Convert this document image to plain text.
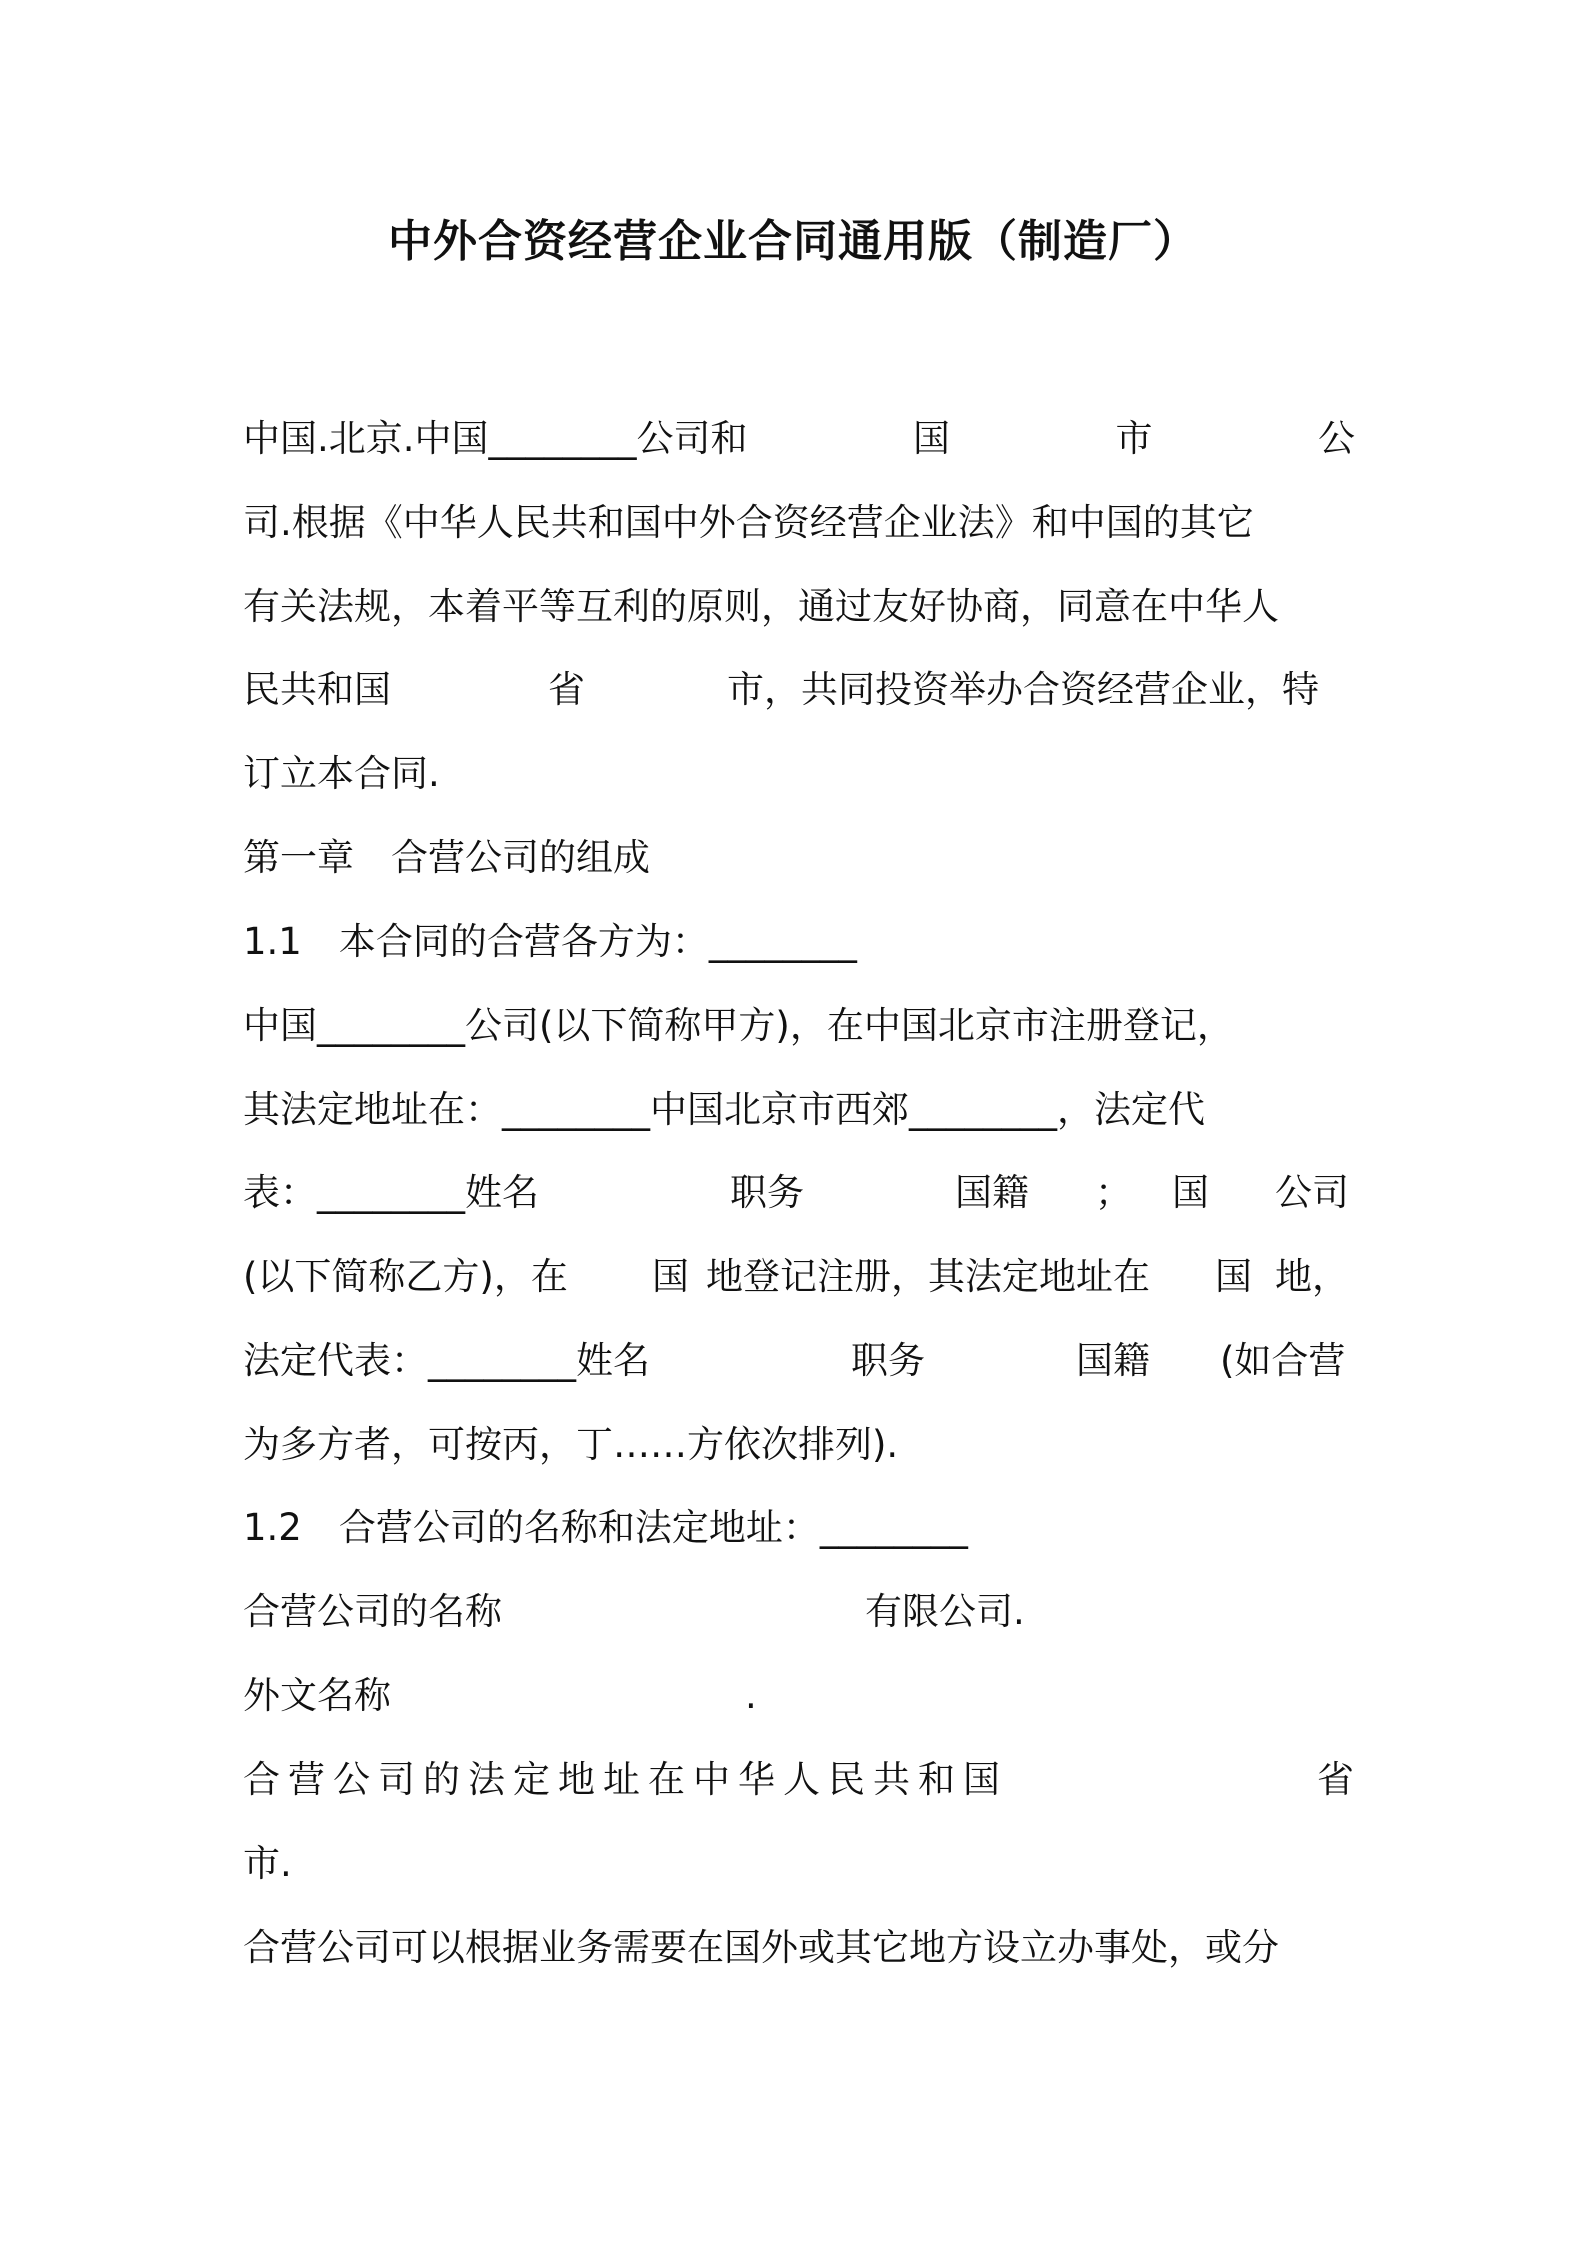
中外合资经营企业合同通用版（制造厂）
中国.北京.中国________公司和	国	市	公
司.根据《中华人民共和国中外合资经营企业法》和中国的其它
有关法规，本着平等互利的原则，通过友好协商，同意在中华人
民共和国	省	市，共同投资举办合资经营企业，特
订立本合同.
第一章　合营公司的组成
1.1　本合同的合营各方为：________
中国________公司(以下简称甲方)，在中国北京市注册登记，
其法定地址在：________中国北京市西郊________，法定代
表：________姓名	职务	国籍 ； 国 公司
(以下简称乙方)，在 国 地登记注册，其法定地址在 国 地，
法定代表：________姓名	职务	国籍 (如合营
为多方者，可按丙，丁……方依次排列).
1.2　合营公司的名称和法定地址：________
合营公司的名称	有限公司.
外文名称	.
合营公司的法定地址在中华人民共和国	省
市.
合营公司可以根据业务需要在国外或其它地方设立办事处，或分
